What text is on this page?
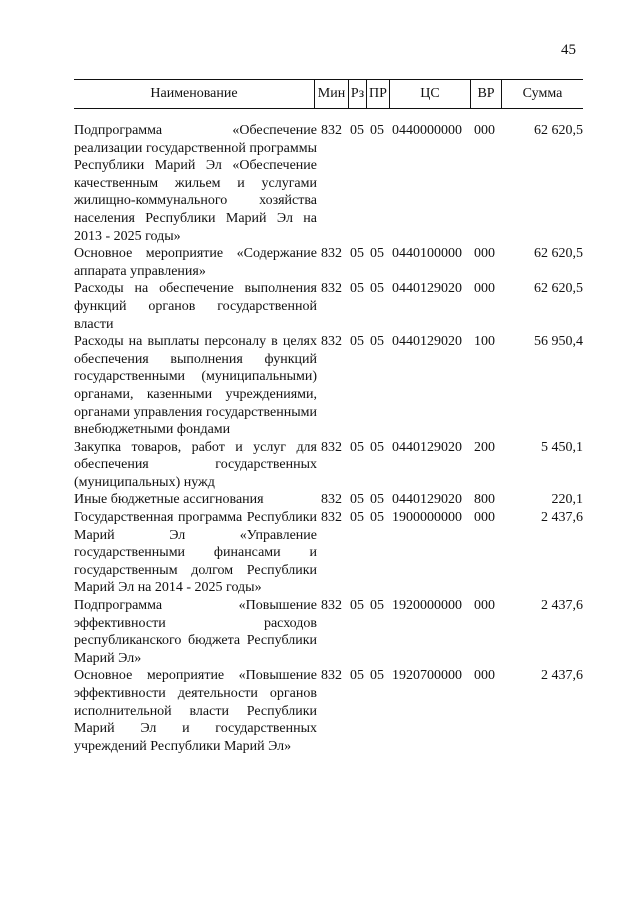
45
Наименование	Мин Рз ПР	ЦС	ВР	Сумма
Подпрограмма «Обеспечение реализации государственной программы Республики Марий Эл «Обеспечение качественным жильем и услугами жилищно-коммунального хозяйства населения Республики Марий Эл на 2013 - 2025 годы»
832 05 05 0440000000 000	62 620,5
Основное мероприятие «Содержание аппарата управления»
832 05 05 0440100000 000	62 620,5
Расходы на обеспечение выполнения функций органов государственной власти
832 05 05 0440129020 000	62 620,5
Расходы на выплаты персоналу в целях обеспечения выполнения функций государственными (муниципальными) органами, казенными учреждениями, органами управления государственными внебюджетными фондами
832 05 05 0440129020 100	56 950,4
Закупка товаров, работ и услуг для обеспечения государственных (муниципальных) нужд
832 05 05 0440129020 200	5 450,1
Иные бюджетные ассигнования	832 05 05 0440129020 800	220,1
Государственная программа Республики Марий Эл «Управление государственными финансами и государственным долгом Республики Марий Эл на 2014 - 2025 годы»
832 05 05 1900000000 000	2 437,6
Подпрограмма «Повышение эффективности расходов республиканского бюджета Республики Марий Эл»
832 05 05 1920000000 000	2 437,6
Основное мероприятие «Повышение эффективности деятельности органов исполнительной власти Республики Марий Эл и государственных учреждений Республики Марий Эл»
832 05 05 1920700000 000	2 437,6
